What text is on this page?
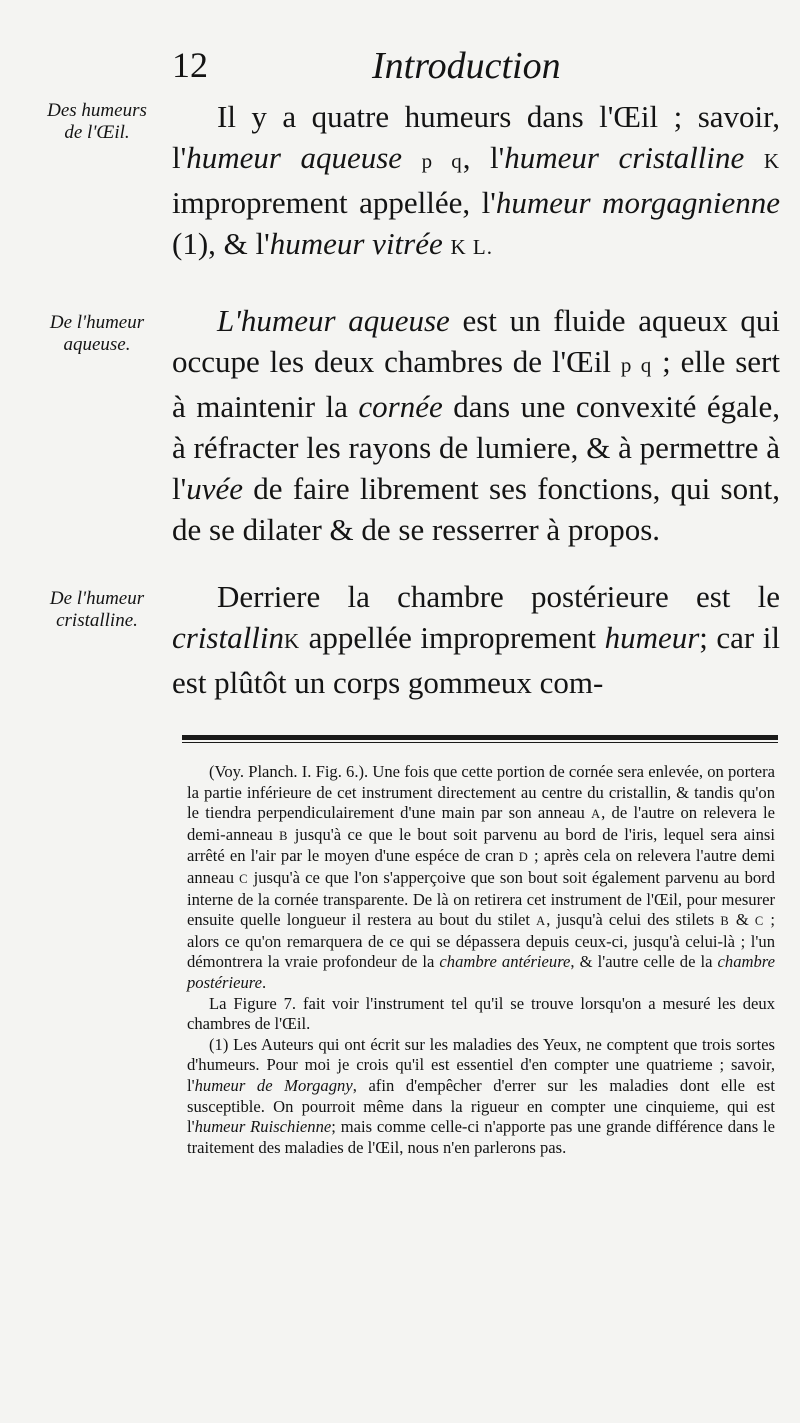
12	Introduction
Des humeurs
de l'Œil.
De l'humeur
aqueuse.
De l'humeur
cristalline.

Il y a quatre humeurs dans l'Œil ; savoir, l'humeur aqueuse p q, l'humeur cristalline K improprement appellée, l'humeur morgagnienne (1), & l'humeur vitrée K L.

L'humeur aqueuse est un fluide aqueux qui occupe les deux chambres de l'Œil p q ; elle sert à maintenir la cornée dans une convexité égale, à réfracter les rayons de lumiere, & à permettre à l'uvée de faire librement ses fonctions, qui sont, de se dilater & de se resserrer à propos.

Derriere la chambre postérieure est le cristallinK appellée improprement humeur; car il est plûtôt un corps gommeux com-

(Voy. Planch. I. Fig. 6.). Une fois que cette portion de cornée sera enlevée, on portera la partie inférieure de cet instrument directement au centre du cristallin, & tandis qu'on le tiendra perpendiculairement d'une main par son anneau A, de l'autre on relevera le demi-anneau B jusqu'à ce que le bout soit parvenu au bord de l'iris, lequel sera ainsi arrêté en l'air par le moyen d'une espéce de cran D ; après cela on relevera l'autre demi anneau C jusqu'à ce que l'on s'apperçoive que son bout soit également parvenu au bord interne de la cornée transparente. De là on retirera cet instrument de l'Œil, pour mesurer ensuite quelle longueur il restera au bout du stilet A, jusqu'à celui des stilets B & C ; alors ce qu'on remarquera de ce qui se dépassera depuis ceux-ci, jusqu'à celui-là ; l'un démontrera la vraie profondeur de la chambre antérieure, & l'autre celle de la chambre postérieure.

La Figure 7. fait voir l'instrument tel qu'il se trouve lorsqu'on a mesuré les deux chambres de l'Œil.

(1) Les Auteurs qui ont écrit sur les maladies des Yeux, ne comptent que trois sortes d'humeurs. Pour moi je crois qu'il est essentiel d'en compter une quatrieme ; savoir, l'humeur de Morgagny, afin d'empêcher d'errer sur les maladies dont elle est susceptible. On pourroit même dans la rigueur en compter une cinquieme, qui est l'humeur Ruischienne; mais comme celle-ci n'apporte pas une grande différence dans le traitement des maladies de l'Œil, nous n'en parlerons pas.
